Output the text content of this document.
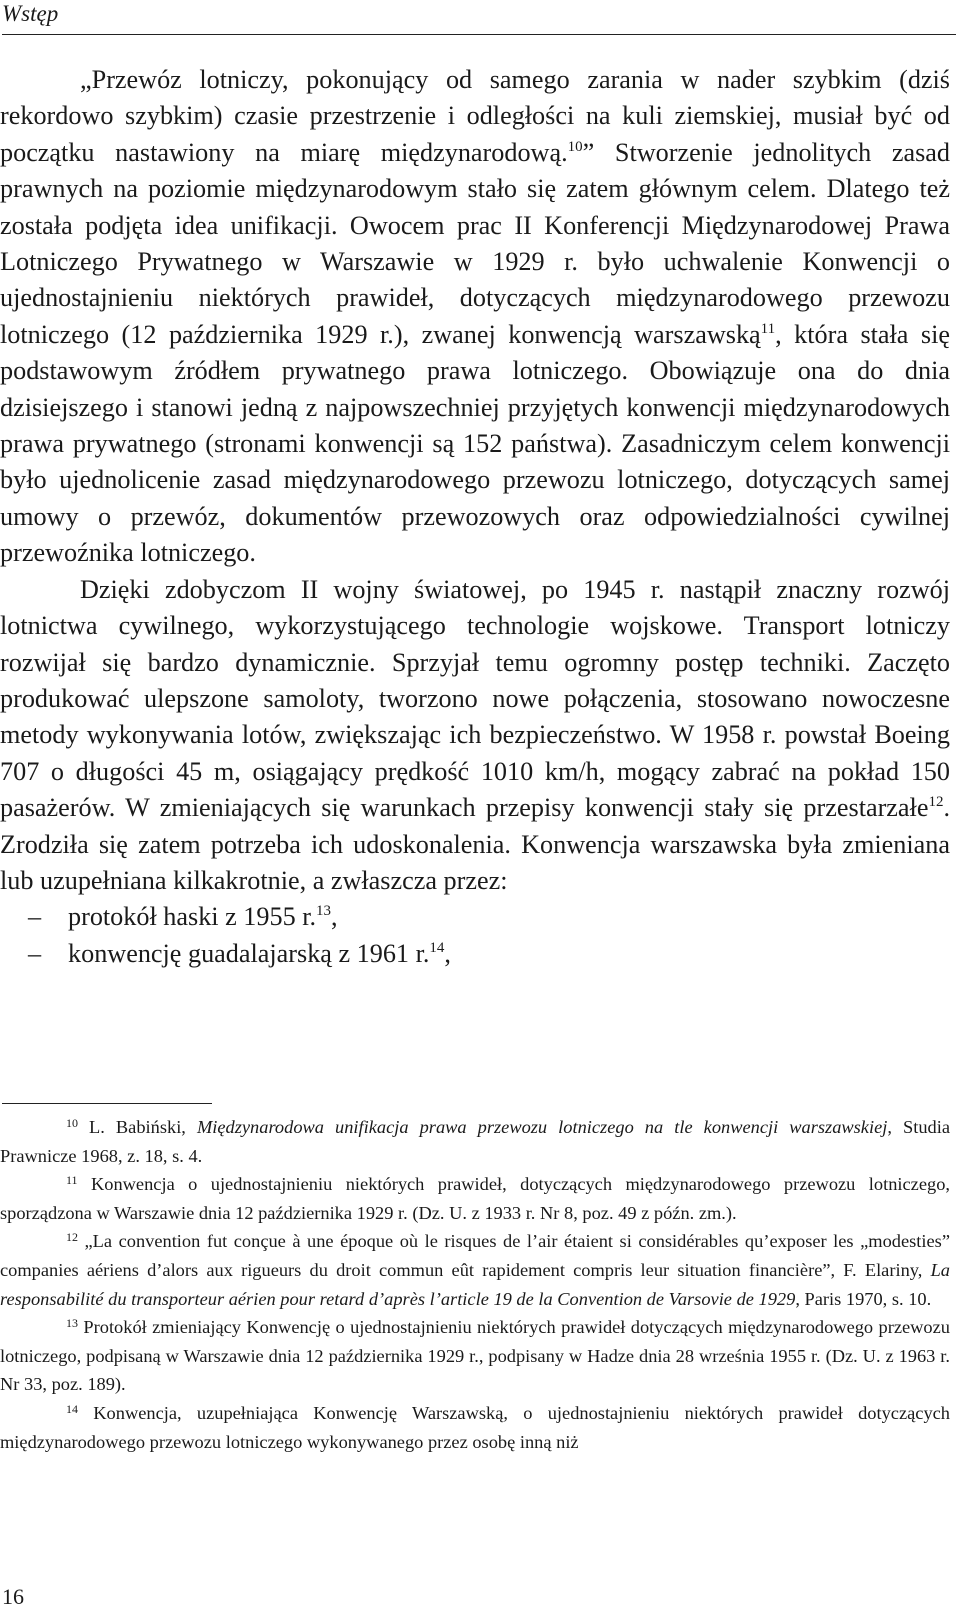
Wstęp

„Przewóz lotniczy, pokonujący od samego zarania w nader szybkim (dziś rekordowo szybkim) czasie przestrzenie i odległości na kuli ziemskiej, musiał być od początku nastawiony na miarę międzynarodową.$^{10}$” Stworzenie jednolitych zasad prawnych na poziomie międzynarodowym stało się zatem głównym celem. Dlatego też została podjęta idea unifikacji. Owocem prac II Konferencji Międzynarodowej Prawa Lotniczego Prywatnego w Warszawie w 1929 r. było uchwalenie Konwencji o ujednostajnieniu niektórych prawideł, dotyczących międzynarodowego przewozu lotniczego (12 października 1929 r.), zwanej konwencją warszawską$^{11}$, która stała się podstawowym źródłem prywatnego prawa lotniczego. Obowiązuje ona do dnia dzisiejszego i stanowi jedną z najpowszechniej przyjętych konwencji międzynarodowych prawa prywatnego (stronami konwencji są 152 państwa). Zasadniczym celem konwencji było ujednolicenie zasad międzynarodowego przewozu lotniczego, dotyczących samej umowy o przewóz, dokumentów przewozowych oraz odpowiedzialności cywilnej przewoźnika lotniczego.

Dzięki zdobyczom II wojny światowej, po 1945 r. nastąpił znaczny rozwój lotnictwa cywilnego, wykorzystującego technologie wojskowe. Transport lotniczy rozwijał się bardzo dynamicznie. Sprzyjał temu ogromny postęp techniki. Zaczęto produkować ulepszone samoloty, tworzono nowe połączenia, stosowano nowoczesne metody wykonywania lotów, zwiększając ich bezpieczeństwo. W 1958 r. powstał Boeing 707 o długości 45 m, osiągający prędkość 1010 km/h, mogący zabrać na pokład 150 pasażerów. W zmieniających się warunkach przepisy konwencji stały się przestarzałe$^{12}$. Zrodziła się zatem potrzeba ich udoskonalenia. Konwencja warszawska była zmieniana lub uzupełniana kilkakrotnie, a zwłaszcza przez:

– protokół haski z 1955 r.$^{13}$,
– konwencję guadalajarską z 1961 r.$^{14}$,

$^{10}$ L. Babiński, Międzynarodowa unifikacja prawa przewozu lotniczego na tle konwencji warszawskiej, Studia Prawnicze 1968, z. 18, s. 4.

$^{11}$ Konwencja o ujednostajnieniu niektórych prawideł, dotyczących międzynarodowego przewozu lotniczego, sporządzona w Warszawie dnia 12 października 1929 r. (Dz. U. z 1933 r. Nr 8, poz. 49 z późn. zm.).

$^{12}$ „La convention fut conçue à une époque où le risques de l’air étaient si considérables qu’exposer les „modesties” companies aériens d’alors aux rigueurs du droit commun eût rapidement compris leur situation financière”, F. Elariny, La responsabilité du transporteur aérien pour retard d’après l’article 19 de la Convention de Varsovie de 1929, Paris 1970, s. 10.

$^{13}$ Protokół zmieniający Konwencję o ujednostajnieniu niektórych prawideł dotyczących międzynarodowego przewozu lotniczego, podpisaną w Warszawie dnia 12 października 1929 r., podpisany w Hadze dnia 28 września 1955 r. (Dz. U. z 1963 r. Nr 33, poz. 189).

$^{14}$ Konwencja, uzupełniająca Konwencję Warszawską, o ujednostajnieniu niektórych prawideł dotyczących międzynarodowego przewozu lotniczego wykonywanego przez osobę inną niż

16
